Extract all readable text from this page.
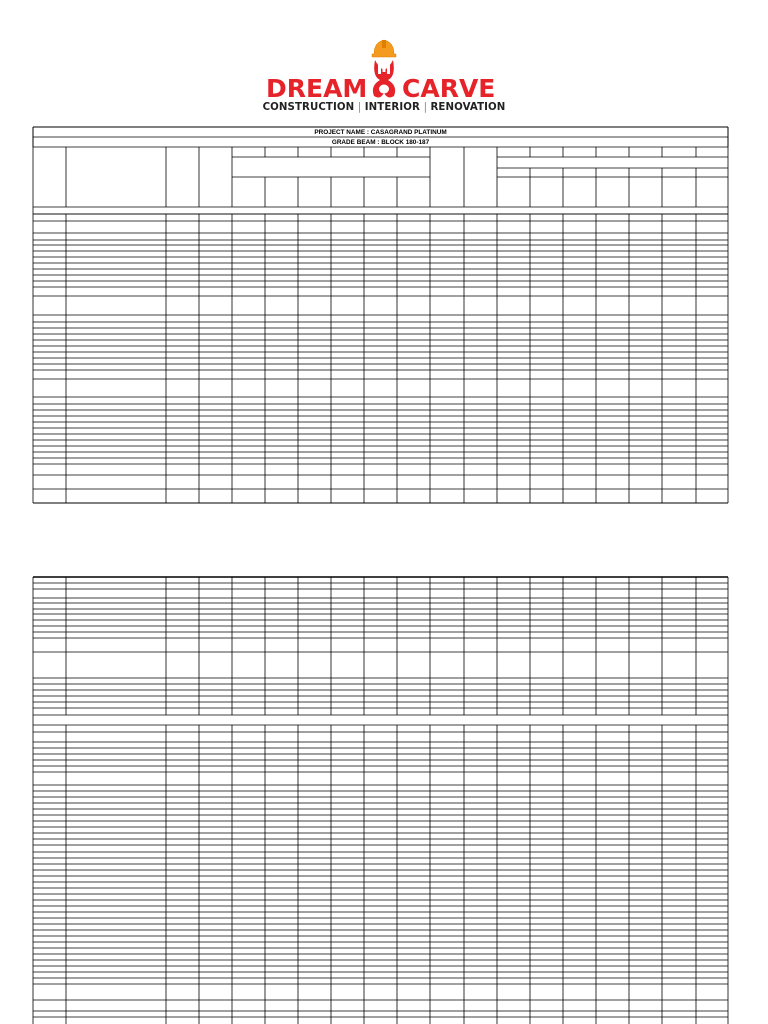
DREAM CARVE
CONSTRUCTION | INTERIOR | RENOVATION
PROJECT NAME : CASAGRAND PLATINUM
GRADE BEAM : BLOCK 180-187
